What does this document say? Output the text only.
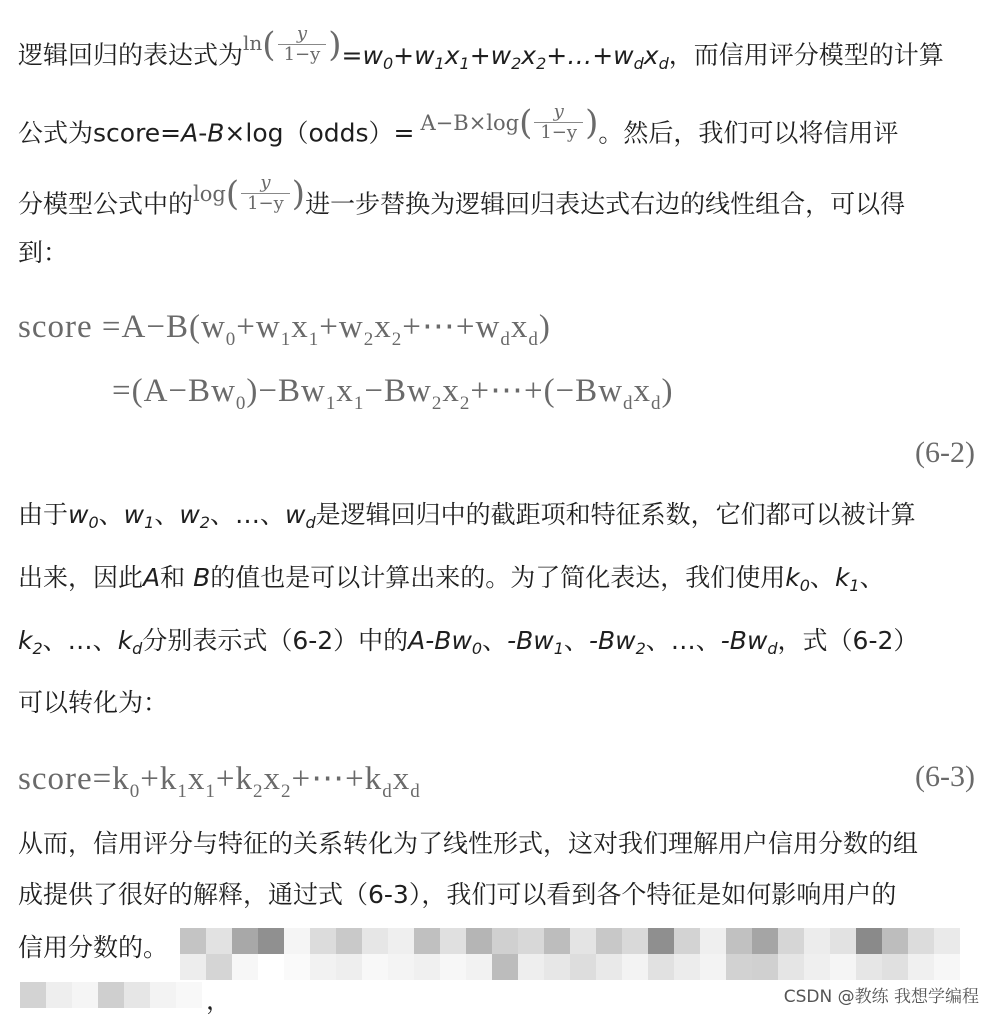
逻辑回归的表达式为$^{ln}( \frac{y}{1-y}$ )$=w_0+w_1x_1+w_2x_2+\dots+w_dx_d$，而信用评分模型的计算
公式为score=A-B×log（odds）= $^{A-B\times log}( \frac{y}{1-y}$ )。然后，我们可以将信用评
分模型公式中的$^{log}( \frac{y}{1-y}$ )进一步替换为逻辑回归表达式右边的线性组合，可以得
到：
score $=A-B(w_0+w_1x_1+w_2x_2+\cdots+w_dx_d)$
$=(A-Bw_0)-Bw_1x_1-Bw_2x_2+\cdots+(-Bw_dx_d)$
(6-2)
由于$w_0$、$w_1$、$w_2$、…、$w_d$是逻辑回归中的截距项和特征系数，它们都可以被计算
出来，因此A和 B的值也是可以计算出来的。为了简化表达，我们使用$k_0$、$k_1$、
$k_2$、…、$k_d$分别表示式（6-2）中的$A-Bw_0$、$-Bw_1$、$-Bw_2$、…、$-Bw_d$，式（6-2）
可以转化为：
$score=k_0+k_1x_1+k_2x_2+\cdots+k_dx_d$	(6-3)
从而，信用评分与特征的关系转化为了线性形式，这对我们理解用户信用分数的组
成提供了很好的解释，通过式（6-3），我们可以看到各个特征是如何影响用户的
信用分数的。
，	CSDN @教练 我想学编程
